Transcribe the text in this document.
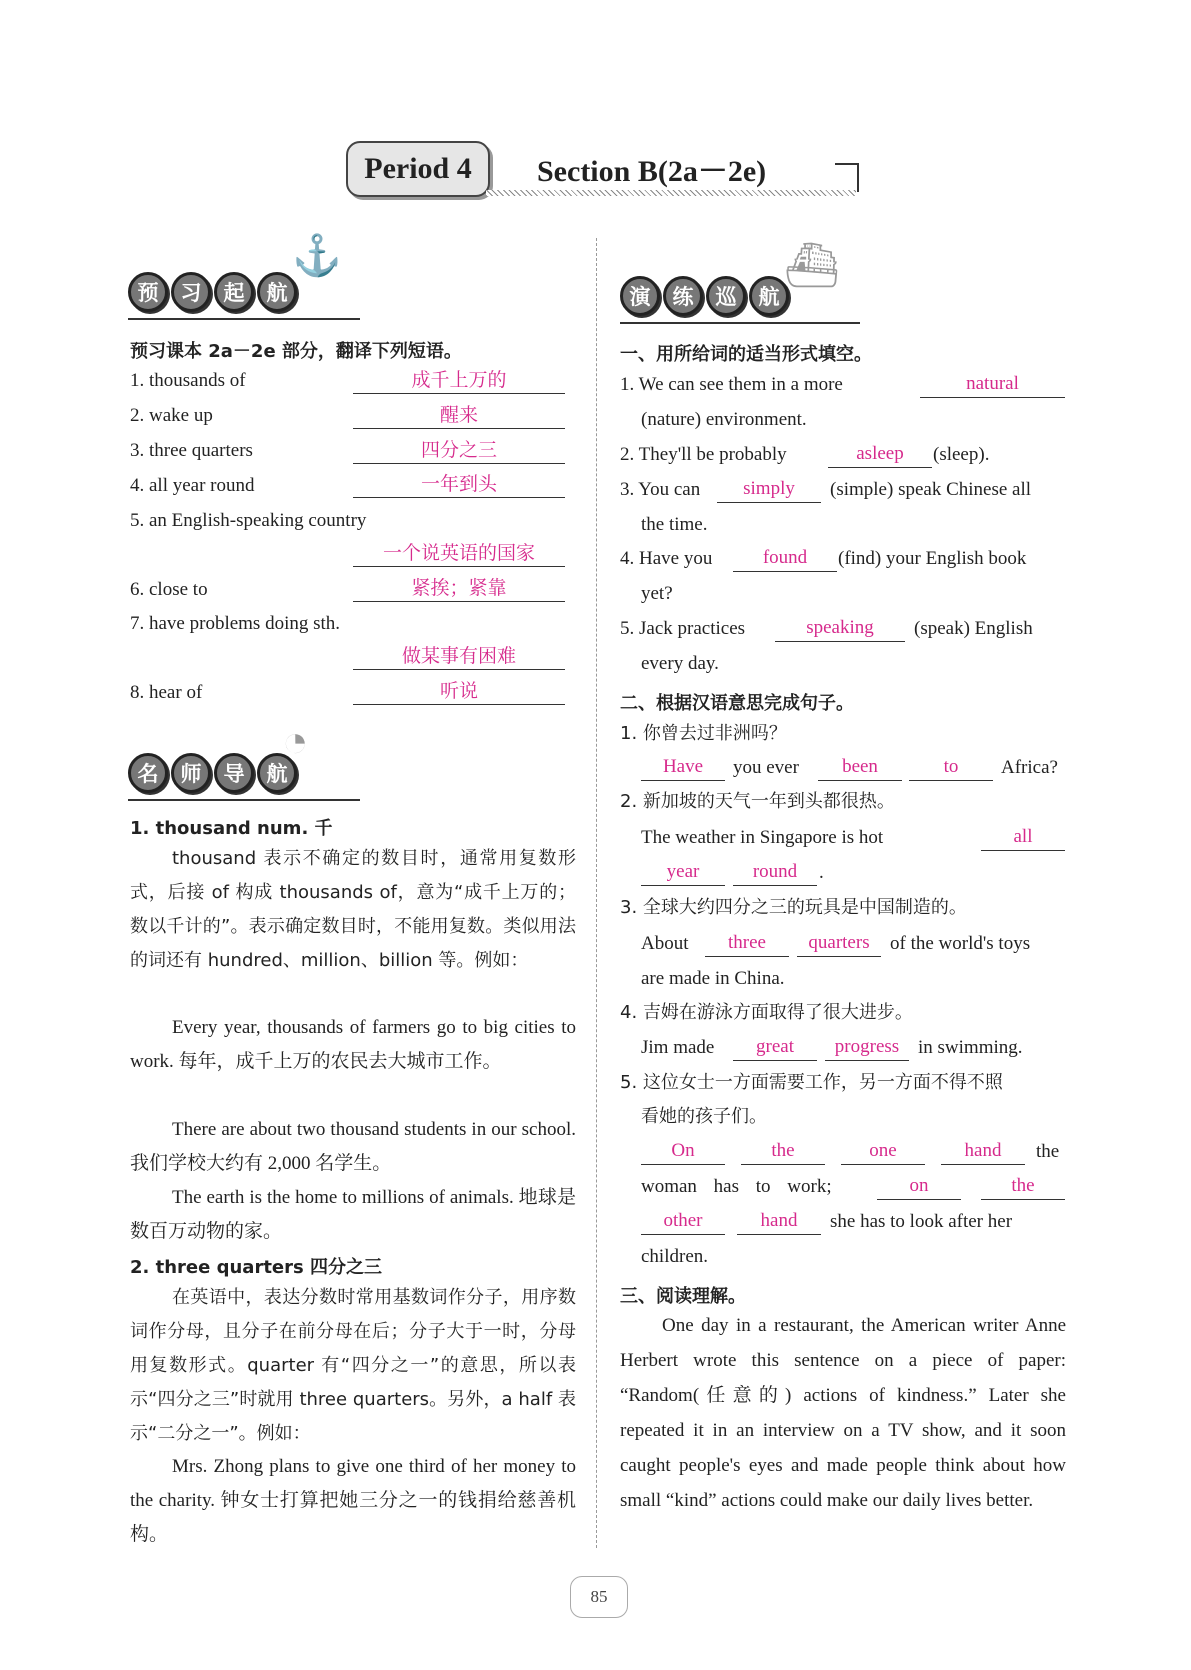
Period 4	Section B(2a－2e)
预	习	起	航
⚓
预习课本 2a－2e 部分，翻译下列短语。
1. thousands of	成千上万的
2. wake up	醒来
3. three quarters	四分之三
4. all year round	一年到头
5. an English-speaking country
一个说英语的国家
6. close to	紧挨；紧靠
7. have problems doing sth.
做某事有困难
8. hear of	听说
名	师	导	航
◔
1. thousand num. 千
thousand 表示不确定的数目时，通常用复数形式，后接 of 构成 thousands of，意为“成千上万的；数以千计的”。表示确定数目时，不能用复数。类似用法的词还有 hundred、million、billion 等。例如：
Every year, thousands of farmers go to big cities to work. 每年，成千上万的农民去大城市工作。
There are about two thousand students in our school. 我们学校大约有 2,000 名学生。
The earth is the home to millions of animals. 地球是数百万动物的家。
2. three quarters 四分之三
在英语中，表达分数时常用基数词作分子，用序数词作分母，且分子在前分母在后；分子大于一时，分母用复数形式。quarter 有“四分之一”的意思，所以表示“四分之三”时就用 three quarters。另外，a half 表示“二分之一”。例如：
Mrs. Zhong plans to give one third of her money to the charity. 钟女士打算把她三分之一的钱捐给慈善机构。
演	练	巡	航
⛴
一、用所给词的适当形式填空。
1. We can see them in a more	natural
(nature) environment.
2. They'll be probably	asleep	(sleep).
3. You can	simply	(simple) speak Chinese all
the time.
4. Have you	found	(find) your English book
yet?
5. Jack practices	speaking	(speak) English
every day.
二、根据汉语意思完成句子。
1. 你曾去过非洲吗？
Have	you ever	been	to	Africa?
2. 新加坡的天气一年到头都很热。
The weather in Singapore is hot	all
year	round	.
3. 全球大约四分之三的玩具是中国制造的。
About	three	quarters	of the world's toys
are made in China.
4. 吉姆在游泳方面取得了很大进步。
Jim made	great	progress in swimming.
5. 这位女士一方面需要工作，另一方面不得不照
看她的孩子们。
On	the	one	hand	the
woman has to work;	on	the
other	hand	she has to look after her
children.
三、阅读理解。
One day in a restaurant, the American writer Anne Herbert wrote this sentence on a piece of paper: “Random(任意的) actions of kindness.” Later she repeated it in an interview on a TV show, and it soon caught people's eyes and made people think about how small “kind” actions could make our daily lives better.
85
